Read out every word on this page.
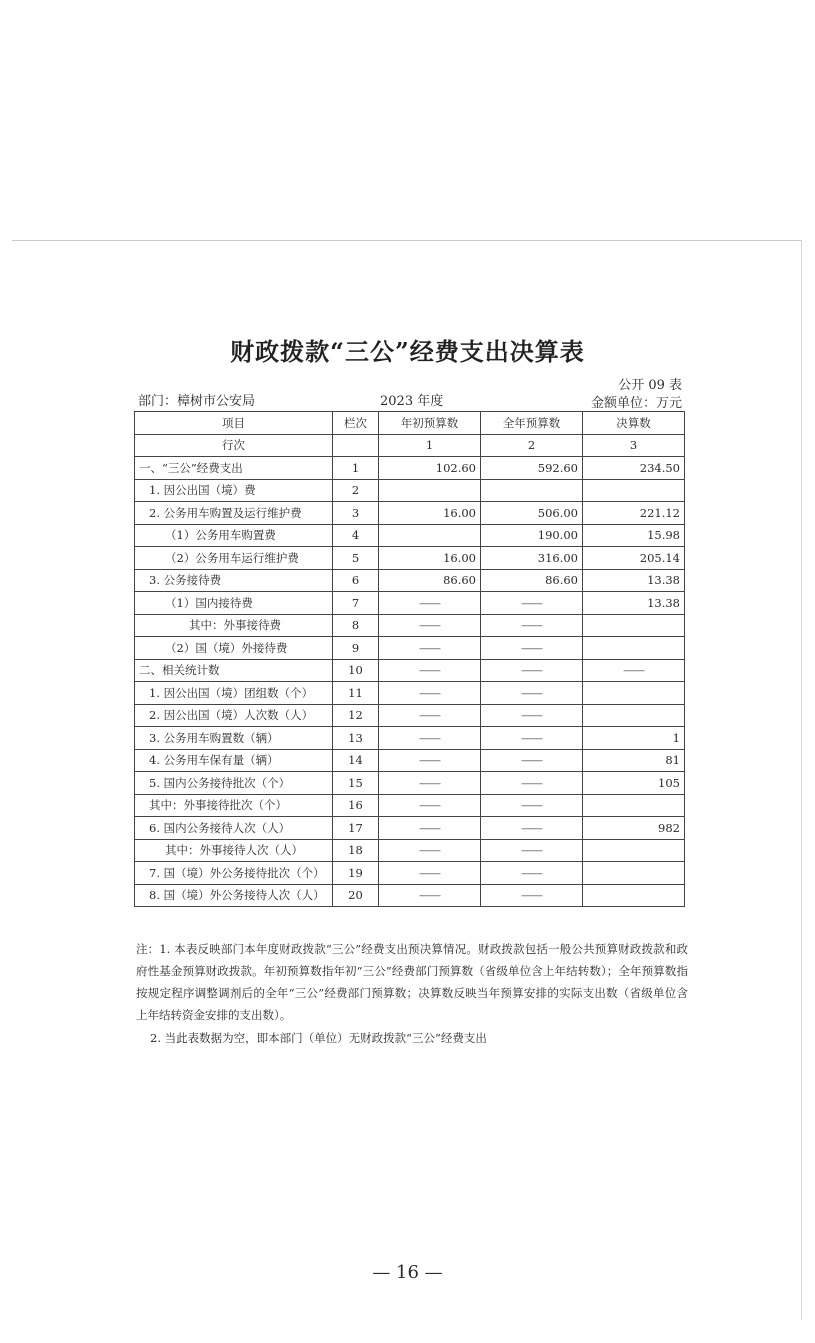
财政拨款“三公”经费支出决算表
公开 09 表
部门：樟树市公安局	2023 年度	金额单位：万元
项目	栏次	年初预算数	全年预算数	决算数
行次		1	2	3
一、“三公”经费支出	1	102.60	592.60	234.50
1. 因公出国（境）费	2			
2. 公务用车购置及运行维护费	3	16.00	506.00	221.12
（1）公务用车购置费	4		190.00	15.98
（2）公务用车运行维护费	5	16.00	316.00	205.14
3. 公务接待费	6	86.60	86.60	13.38
（1）国内接待费	7	——	——	13.38
其中：外事接待费	8	——	——	
（2）国（境）外接待费	9	——	——	
二、相关统计数	10	——	——	——
1. 因公出国（境）团组数（个）	11	——	——	
2. 因公出国（境）人次数（人）	12	——	——	
3. 公务用车购置数（辆）	13	——	——	1
4. 公务用车保有量（辆）	14	——	——	81
5. 国内公务接待批次（个）	15	——	——	105
其中：外事接待批次（个）	16	——	——	
6. 国内公务接待人次（人）	17	——	——	982
其中：外事接待人次（人）	18	——	——	
7. 国（境）外公务接待批次（个）	19	——	——	
8. 国（境）外公务接待人次（人）	20	——	——	

注：1. 本表反映部门本年度财政拨款“三公”经费支出预决算情况。财政拨款包括一般公共预算财政拨款和政府性基金预算财政拨款。年初预算数指年初“三公”经费部门预算数（省级单位含上年结转数）；全年预算数指按规定程序调整调剂后的全年“三公”经费部门预算数；决算数反映当年预算安排的实际支出数（省级单位含上年结转资金安排的支出数）。

2. 当此表数据为空，即本部门（单位）无财政拨款“三公”经费支出
— 16 —
